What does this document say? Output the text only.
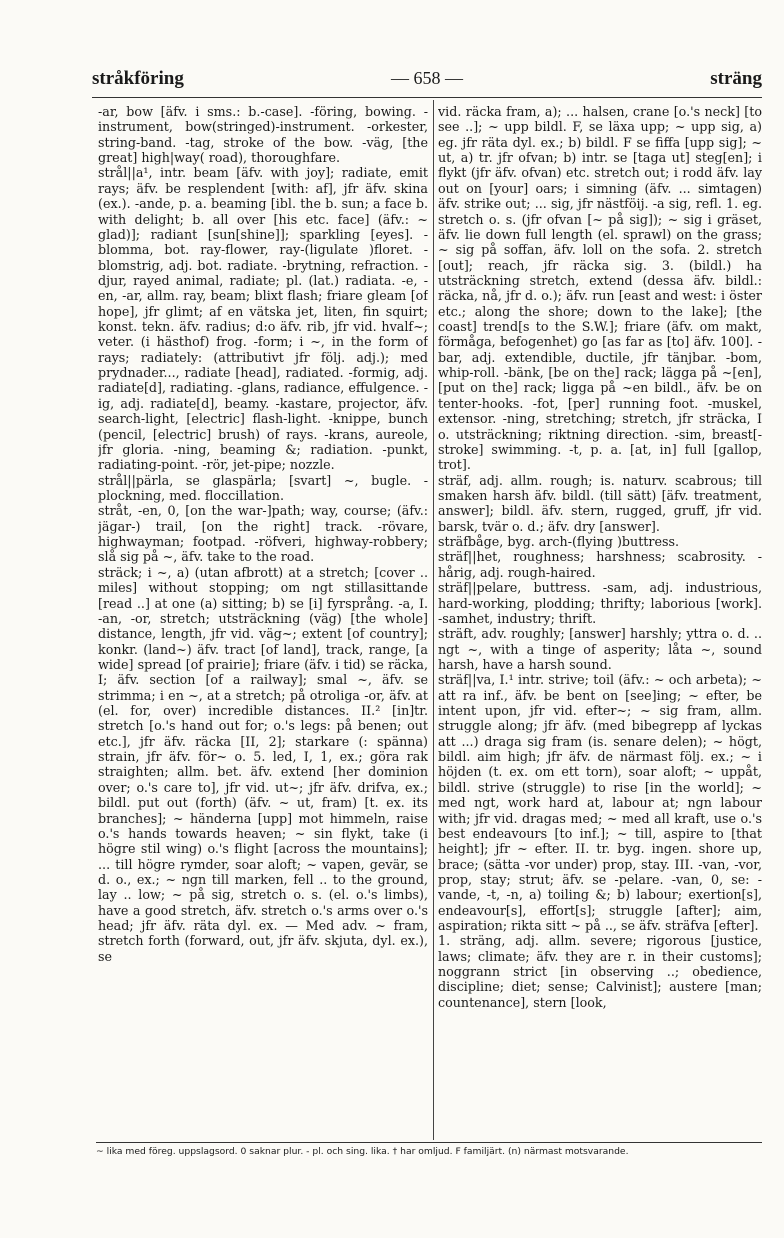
— 658 —
stråkföring	sträng

-ar, bow [äfv. i sms.: b.-case]. -föring, bowing. -instrument, bow(stringed)-instrument. -orkester, string-band. -tag, stroke of the bow. -väg, [the great] high|way( road), thoroughfare.

strål||a¹, intr. beam [äfv. with joy]; radiate, emit rays; äfv. be resplendent [with: af], jfr äfv. skina (ex.). -ande, p. a. beaming [ibl. the b. sun; a face b. with delight; b. all over [his etc. face] (äfv.: ~ glad)]; radiant [sun[shine]]; sparkling [eyes]. -blomma, bot. ray-flower, ray-(ligulate )floret. -blomstrig, adj. bot. radiate. -brytning, refraction. -djur, rayed animal, radiate; pl. (lat.) radiata. -e, -en, -ar, allm. ray, beam; blixt flash; friare gleam [of hope], jfr glimt; af en vätska jet, liten, fin squirt; konst. tekn. äfv. radius; d:o äfv. rib, jfr vid. hvalf~; veter. (i hästhof) frog. -form; i ~, in the form of rays; radiately: (attributivt jfr följ. adj.); med prydnader..., radiate [head], radiated. -formig, adj. radiate[d], radiating. -glans, radiance, effulgence. -ig, adj. radiate[d], beamy. -kastare, projector, äfv. search-light, [electric] flash-light. -knippe, bunch (pencil, [electric] brush) of rays. -krans, aureole, jfr gloria. -ning, beaming &; radiation. -punkt, radiating-point. -rör, jet-pipe; nozzle.

strål||pärla, se glaspärla; [svart] ~, bugle. -plockning, med. floccillation.

stråt, -en, 0, [on the war-]path; way, course; (äfv.: jägar-) trail, [on the right] track. -rövare, highwayman; footpad. -röfveri, highway-robbery; slå sig på ~, äfv. take to the road.

sträck; i ~, a) (utan afbrott) at a stretch; [cover .. miles] without stopping; om ngt stillasittande [read ..] at one (a) sitting; b) se [i] fyrsprång. -a, I. -an, -or, stretch; utsträckning (väg) [the whole] distance, length, jfr vid. väg~; extent [of country]; konkr. (land~) äfv. tract [of land], track, range, [a wide] spread [of prairie]; friare (äfv. i tid) se räcka, I; äfv. section [of a railway]; smal ~, äfv. se strimma; i en ~, at a stretch; på otroliga -or, äfv. at (el. for, over) incredible distances. II.² [in]tr. stretch [o.'s hand out for; o.'s legs: på benen; out etc.], jfr äfv. räcka [II, 2]; starkare (: spänna) strain, jfr äfv. för~ o. 5. led, I, 1, ex.; göra rak straighten; allm. bet. äfv. extend [her dominion over; o.'s care to], jfr vid. ut~; jfr äfv. drifva, ex.; bildl. put out (forth) (äfv. ~ ut, fram) [t. ex. its branches]; ~ händerna [upp] mot himmeln, raise o.'s hands towards heaven; ~ sin flykt, take (i högre stil wing) o.'s flight [across the mountains]; ... till högre rymder, soar aloft; ~ vapen, gevär, se d. o., ex.; ~ ngn till marken, fell .. to the ground, lay .. low; ~ på sig, stretch o. s. (el. o.'s limbs), have a good stretch, äfv. stretch o.'s arms over o.'s head; jfr äfv. räta dyl. ex. — Med adv. ~ fram, stretch forth (forward, out, jfr äfv. skjuta, dyl. ex.), se

vid. räcka fram, a); ... halsen, crane [o.'s neck] [to see ..]; ~ upp bildl. F, se läxa upp; ~ upp sig, a) eg. jfr räta dyl. ex.; b) bildl. F se fiffa [upp sig]; ~ ut, a) tr. jfr ofvan; b) intr. se [taga ut] steg[en]; i flykt (jfr äfv. ofvan) etc. stretch out; i rodd äfv. lay out on [your] oars; i simning (äfv. ... simtagen) äfv. strike out; ... sig, jfr nästföij. -a sig, refl. 1. eg. stretch o. s. (jfr ofvan [~ på sig]); ~ sig i gräset, äfv. lie down full length (el. sprawl) on the grass; ~ sig på soffan, äfv. loll on the sofa. 2. stretch [out]; reach, jfr räcka sig. 3. (bildl.) ha utsträckning stretch, extend (dessa äfv. bildl.: räcka, nå, jfr d. o.); äfv. run [east and west: i öster etc.; along the shore; down to the lake]; [the coast] trend[s to the S.W.]; friare (äfv. om makt, förmåga, befogenhet) go [as far as [to] äfv. 100]. -bar, adj. extendible, ductile, jfr tänjbar. -bom, whip-roll. -bänk, [be on the] rack; lägga på ~[en], [put on the] rack; ligga på ~en bildl., äfv. be on tenter-hooks. -fot, [per] running foot. -muskel, extensor. -ning, stretching; stretch, jfr sträcka, I o. utsträckning; riktning direction. -sim, breast[-stroke] swimming. -t, p. a. [at, in] full [gallop, trot].

sträf, adj. allm. rough; is. naturv. scabrous; till smaken harsh äfv. bildl. (till sätt) [äfv. treatment, answer]; bildl. äfv. stern, rugged, gruff, jfr vid. barsk, tvär o. d.; äfv. dry [answer].

sträfbåge, byg. arch-(flying )buttress.

sträf||het, roughness; harshness; scabrosity. -hårig, adj. rough-haired.

sträf||pelare, buttress. -sam, adj. industrious, hard-working, plodding; thrifty; laborious [work]. -samhet, industry; thrift.

sträft, adv. roughly; [answer] harshly; yttra o. d. .. ngt ~, with a tinge of asperity; låta ~, sound harsh, have a harsh sound.

sträf||va, I.¹ intr. strive; toil (äfv.: ~ och arbeta); ~ att ra inf., äfv. be bent on [see]ing; ~ efter, be intent upon, jfr vid. efter~; ~ sig fram, allm. struggle along; jfr äfv. (med bibegrepp af lyckas att ...) draga sig fram (is. senare delen); ~ högt, bildl. aim high; jfr äfv. de närmast följ. ex.; ~ i höjden (t. ex. om ett torn), soar aloft; ~ uppåt, bildl. strive (struggle) to rise [in the world]; ~ med ngt, work hard at, labour at; ngn labour with; jfr vid. dragas med; ~ med all kraft, use o.'s best endeavours [to inf.]; ~ till, aspire to [that height]; jfr ~ efter. II. tr. byg. ingen. shore up, brace; (sätta -vor under) prop, stay. III. -van, -vor, prop, stay; strut; äfv. se -pelare. -van, 0, se: -vande, -t, -n, a) toiling &; b) labour; exertion[s], endeavour[s], effort[s]; struggle [after]; aim, aspiration; rikta sitt ~ på .., se äfv. sträfva [efter].

1. sträng, adj. allm. severe; rigorous [justice, laws; climate; äfv. they are r. in their customs]; noggrann strict [in observing ..; obedience, discipline; diet; sense; Calvinist]; austere [man; countenance], stern [look,

~ lika med föreg. uppslagsord. 0 saknar plur. - pl. och sing. lika. † har omljud. F familjärt. (n) närmast motsvarande.
